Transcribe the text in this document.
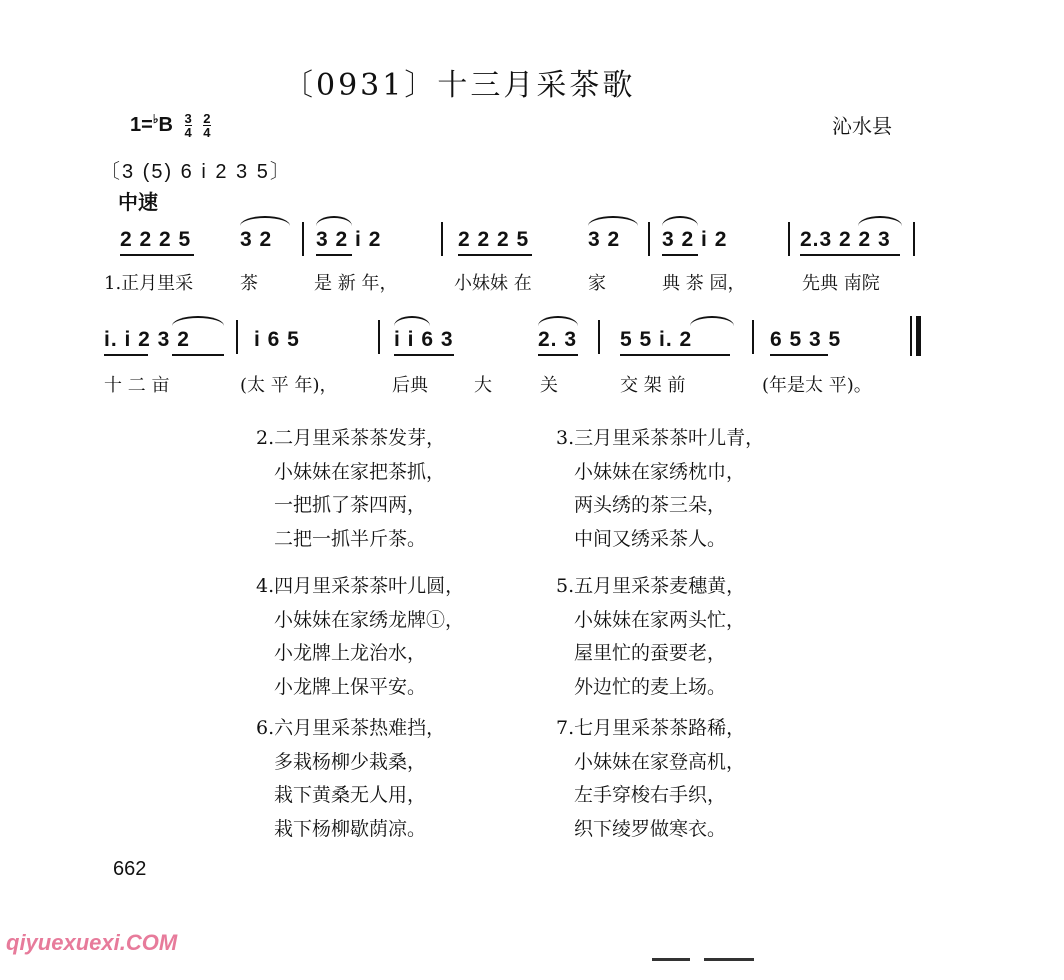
〔0931〕十三月采茶歌
$1=^♭B \frac{3}{4}$
$\frac{2}{4}$	沁水县
〔3 (5) 6 i 2 3 5〕
中速
2 2 2 5 3 2 3 2 i 2	2 2 2 5	3 2 3 2 i 2	2.3 2 2 3
1.正月里采	茶	是 新 年，	小妹妹 在	家	典 茶 园，	先典 南院
i. i 2 3 2	i 6 5	i i 6 3	2. 3 5 5 i. 2	6 5 3 5
十 二 亩	(太 平 年)，	后典	大	关	交 架 前	(年是太 平)。
2.二月里采茶茶发芽，
小妹妹在家把茶抓，
一把抓了茶四两，
二把一抓半斤茶。
3.三月里采茶茶叶儿青，
小妹妹在家绣枕巾，
两头绣的茶三朵，
中间又绣采茶人。
4.四月里采茶茶叶儿圆，
小妹妹在家绣龙牌①，
小龙牌上龙治水，
小龙牌上保平安。
5.五月里采茶麦穗黄，
小妹妹在家两头忙，
屋里忙的蚕要老，
外边忙的麦上场。
6.六月里采茶热难挡，
多栽杨柳少栽桑，
栽下黄桑无人用，
栽下杨柳歇荫凉。
7.七月里采茶茶路稀，
小妹妹在家登高机，
左手穿梭右手织，
织下绫罗做寒衣。
662
qiyuexuexi.COM
